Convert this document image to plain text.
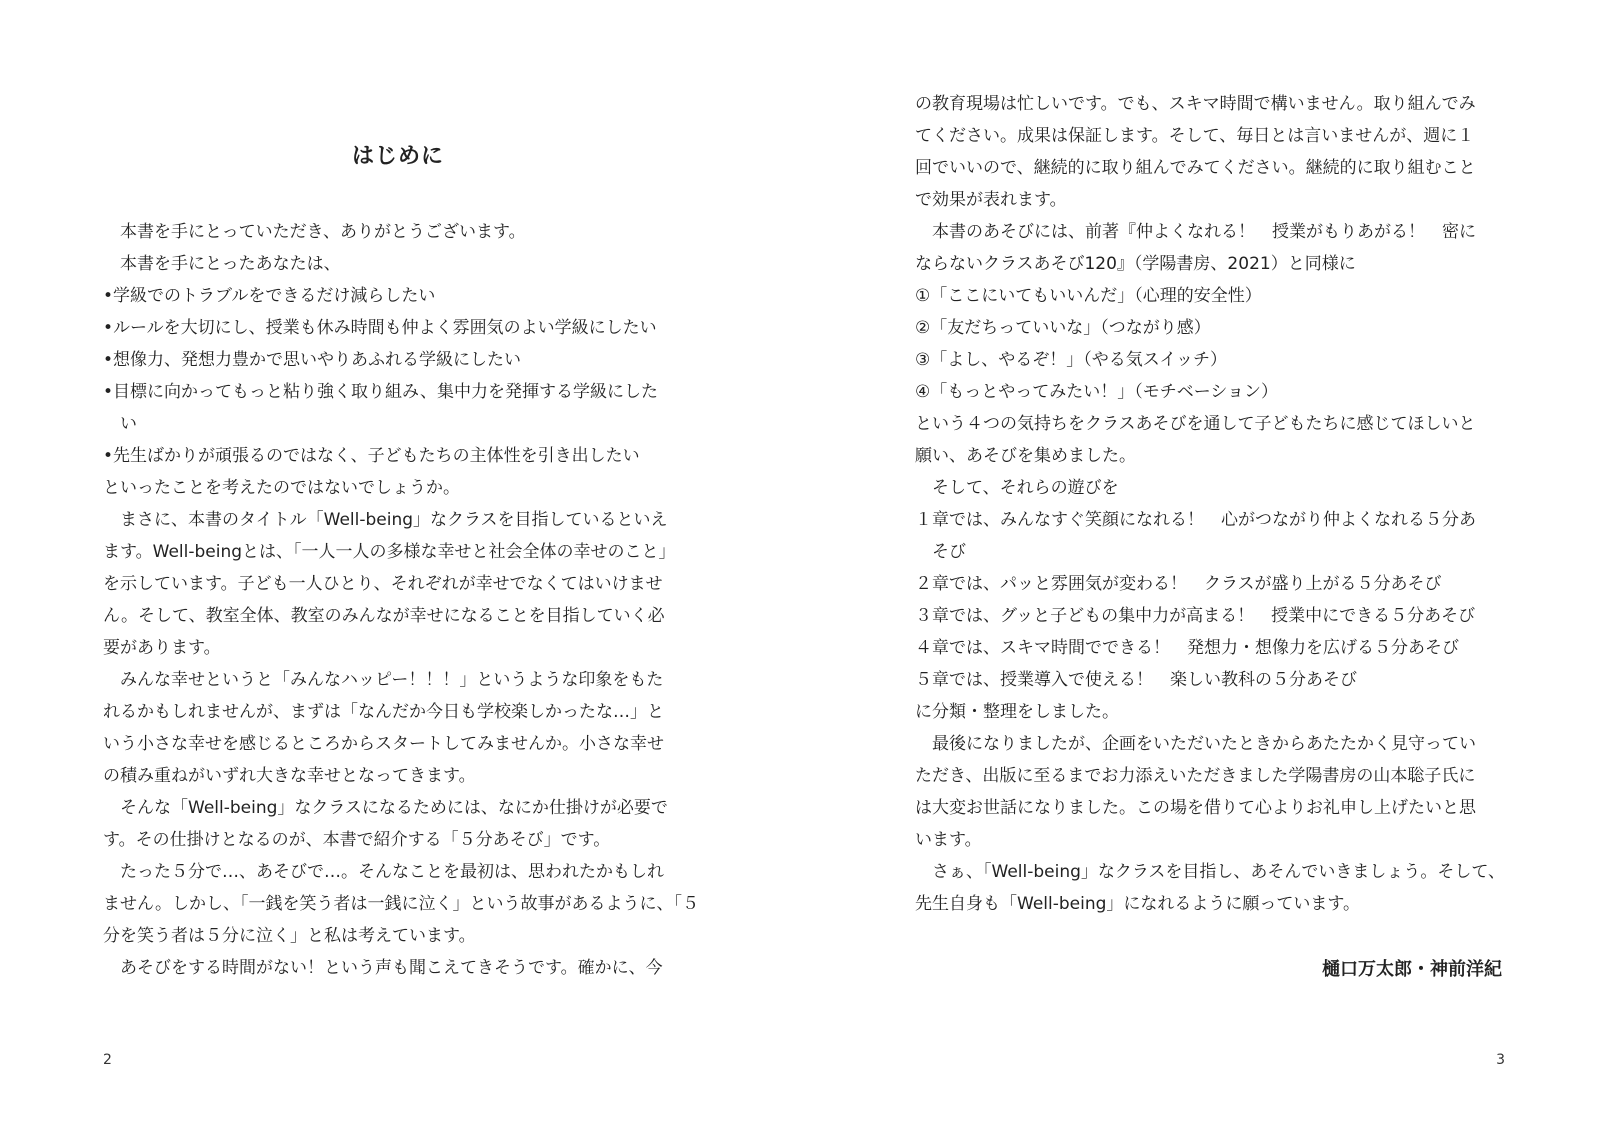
はじめに
　本書を手にとっていただき、ありがとうございます。
　本書を手にとったあなたは、
•学級でのトラブルをできるだけ減らしたい
•ルールを大切にし、授業も休み時間も仲よく雰囲気のよい学級にしたい
•想像力、発想力豊かで思いやりあふれる学級にしたい
•目標に向かってもっと粘り強く取り組み、集中力を発揮する学級にした
　い
•先生ばかりが頑張るのではなく、子どもたちの主体性を引き出したい
といったことを考えたのではないでしょうか。
　まさに、本書のタイトル「Well-being」なクラスを目指しているといえ
ます。Well-beingとは、「一人一人の多様な幸せと社会全体の幸せのこと」
を示しています。子ども一人ひとり、それぞれが幸せでなくてはいけませ
ん。そして、教室全体、教室のみんなが幸せになることを目指していく必
要があります。
　みんな幸せというと「みんなハッピー！！！」というような印象をもた
れるかもしれませんが、まずは「なんだか今日も学校楽しかったな…」と
いう小さな幸せを感じるところからスタートしてみませんか。小さな幸せ
の積み重ねがいずれ大きな幸せとなってきます。
　そんな「Well-being」なクラスになるためには、なにか仕掛けが必要で
す。その仕掛けとなるのが、本書で紹介する「５分あそび」です。
　たった５分で…、あそびで…。そんなことを最初は、思われたかもしれ
ません。しかし、「一銭を笑う者は一銭に泣く」という故事があるように、「５
分を笑う者は５分に泣く」と私は考えています。
　あそびをする時間がない！という声も聞こえてきそうです。確かに、今
2
の教育現場は忙しいです。でも、スキマ時間で構いません。取り組んでみ
てください。成果は保証します。そして、毎日とは言いませんが、週に１
回でいいので、継続的に取り組んでみてください。継続的に取り組むこと
で効果が表れます。
　本書のあそびには、前著『仲よくなれる！　授業がもりあがる！　密に
ならないクラスあそび120』（学陽書房、2021）と同様に
①「ここにいてもいいんだ」（心理的安全性）
②「友だちっていいな」（つながり感）
③「よし、やるぞ！」（やる気スイッチ）
④「もっとやってみたい！」（モチベーション）
という４つの気持ちをクラスあそびを通して子どもたちに感じてほしいと
願い、あそびを集めました。
　そして、それらの遊びを
１章では、みんなすぐ笑顔になれる！　心がつながり仲よくなれる５分あ
　そび
２章では、パッと雰囲気が変わる！　クラスが盛り上がる５分あそび
３章では、グッと子どもの集中力が高まる！　授業中にできる５分あそび
４章では、スキマ時間でできる！　発想力・想像力を広げる５分あそび
５章では、授業導入で使える！　楽しい教科の５分あそび
に分類・整理をしました。
　最後になりましたが、企画をいただいたときからあたたかく見守ってい
ただき、出版に至るまでお力添えいただきました学陽書房の山本聡子氏に
は大変お世話になりました。この場を借りて心よりお礼申し上げたいと思
います。
　さぁ、「Well-being」なクラスを目指し、あそんでいきましょう。そして、
先生自身も「Well-being」になれるように願っています。
樋口万太郎・神前洋紀
3
